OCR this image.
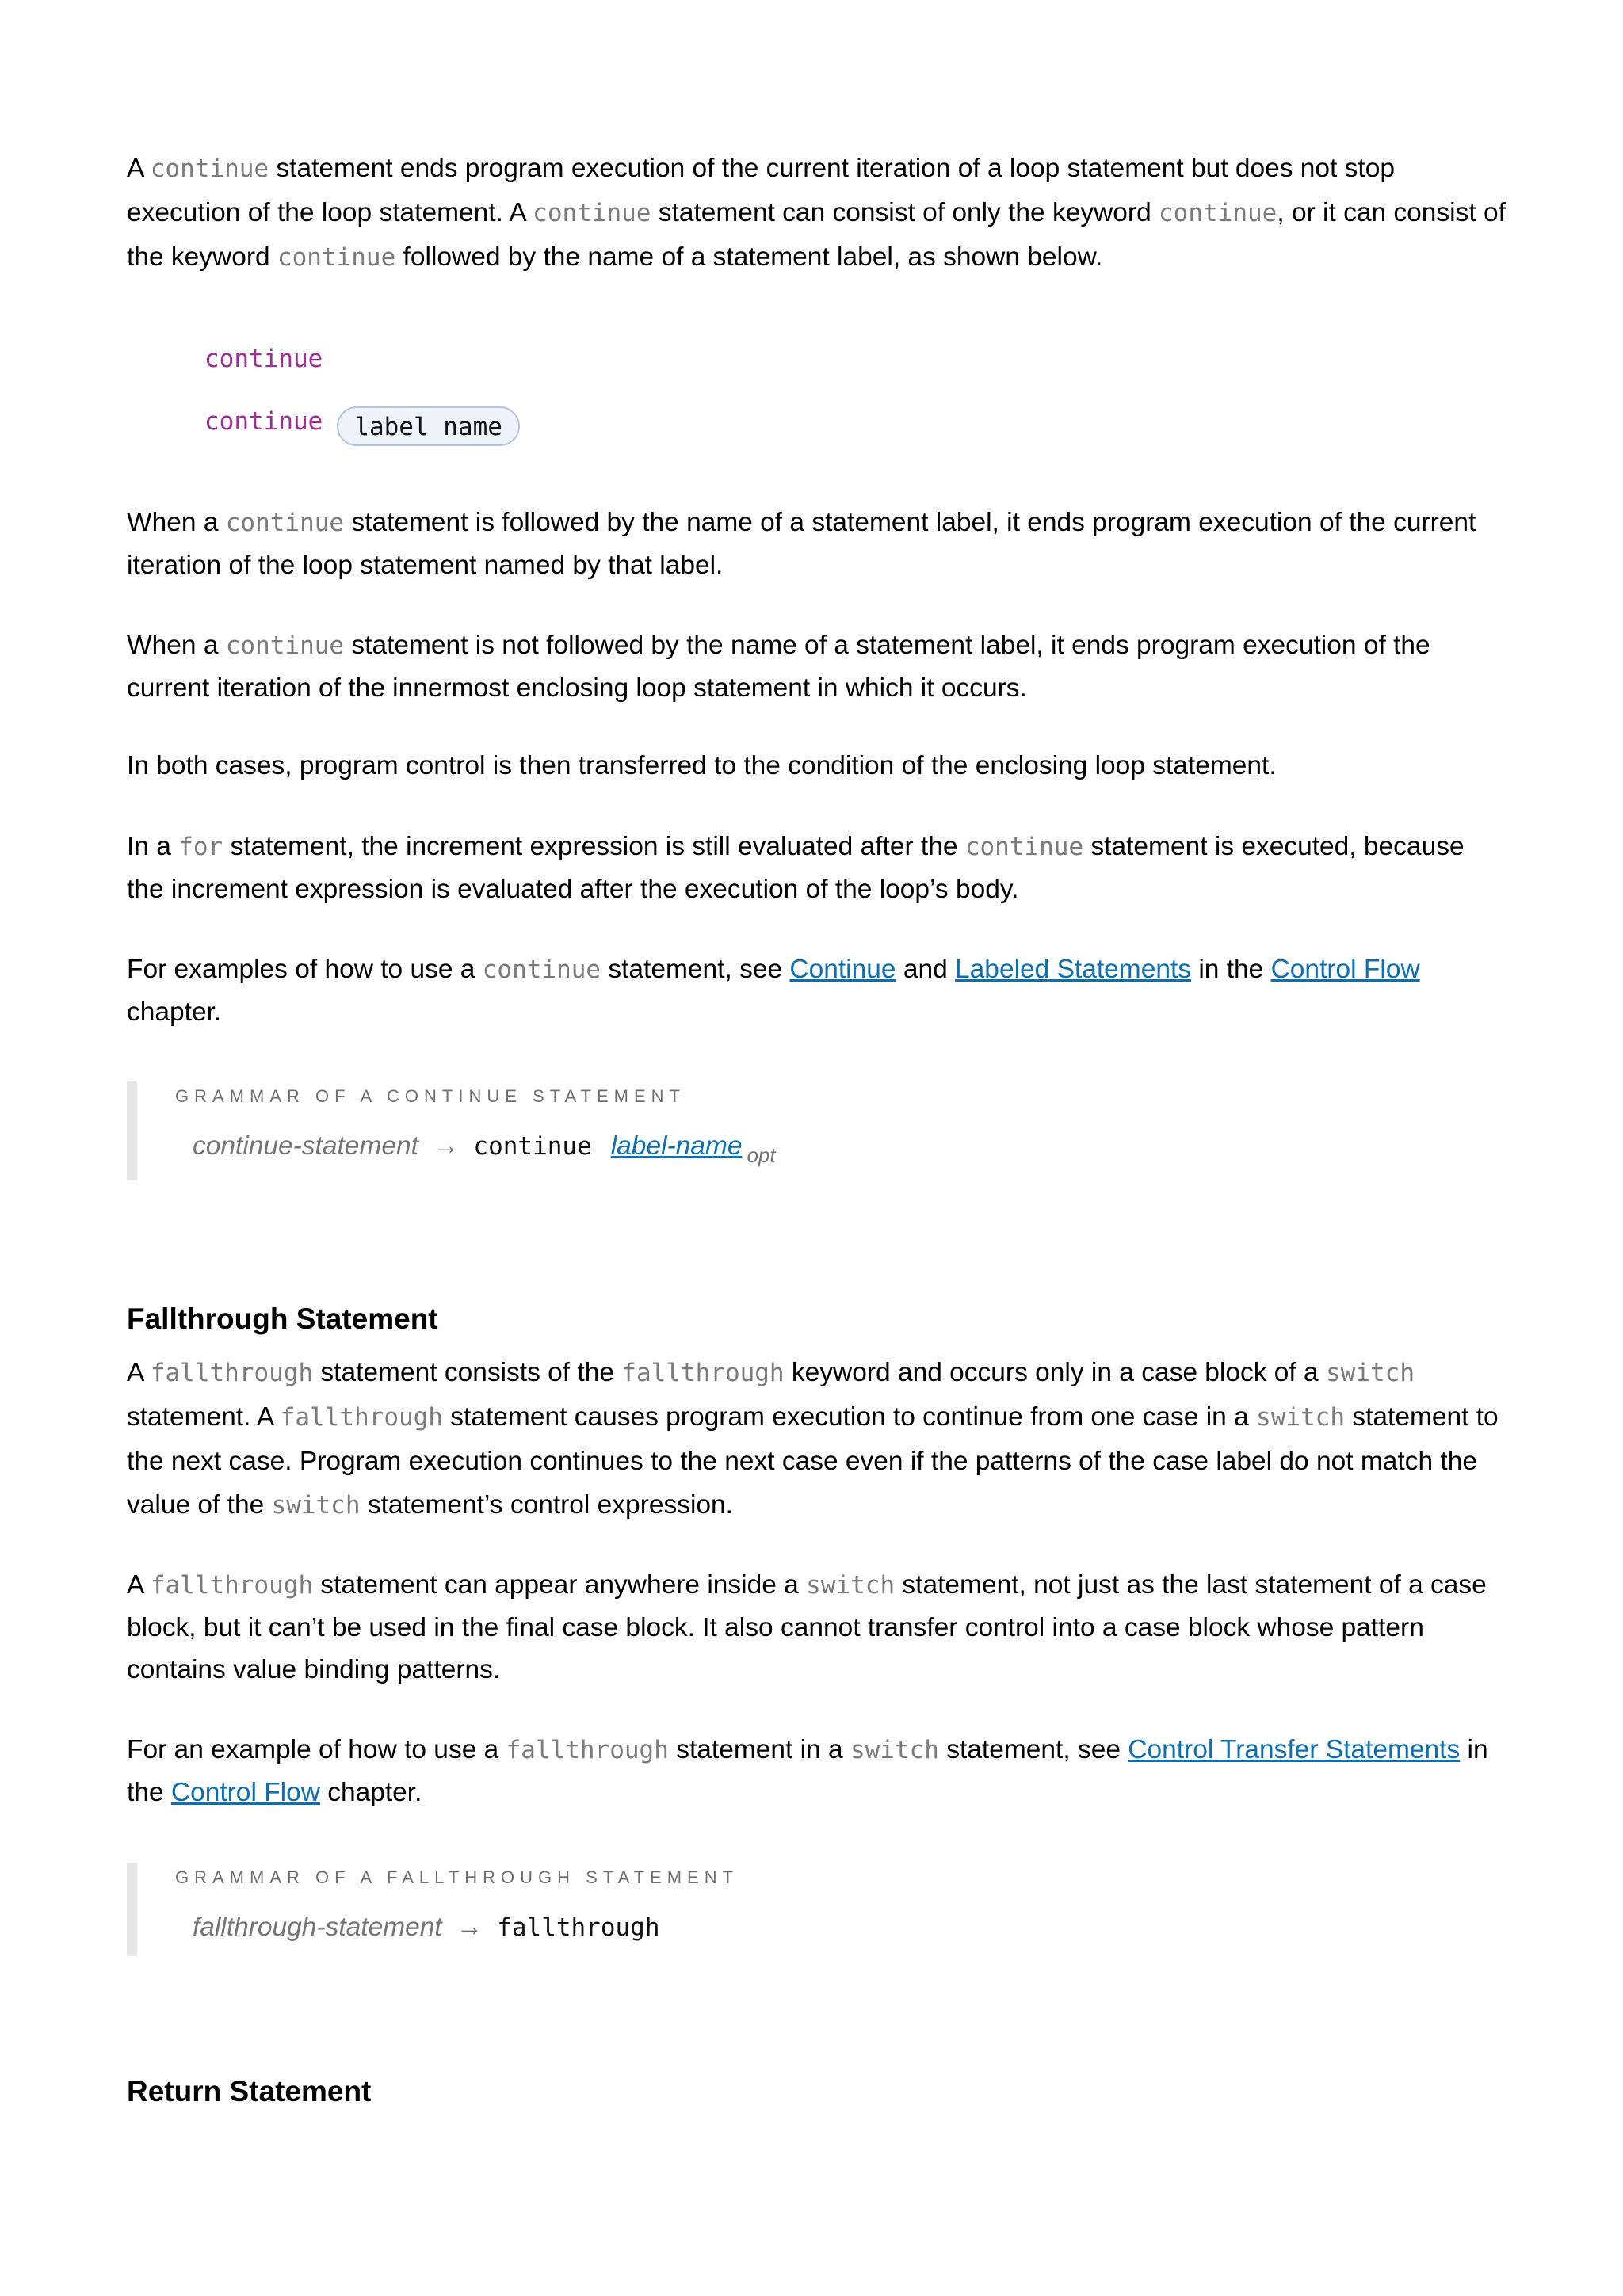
A continue statement ends program execution of the current iteration of a loop statement but does not stop execution of the loop statement. A continue statement can consist of only the keyword continue, or it can consist of the keyword continue followed by the name of a statement label, as shown below.

continue
continue label name

When a continue statement is followed by the name of a statement label, it ends program execution of the current iteration of the loop statement named by that label.

When a continue statement is not followed by the name of a statement label, it ends program execution of the current iteration of the innermost enclosing loop statement in which it occurs.

In both cases, program control is then transferred to the condition of the enclosing loop statement.

In a for statement, the increment expression is still evaluated after the continue statement is executed, because the increment expression is evaluated after the execution of the loop’s body.

For examples of how to use a continue statement, see Continue and Labeled Statements in the Control Flow chapter.

GRAMMAR OF A CONTINUE STATEMENT
continue-statement → continue label-name $_{opt}$
Fallthrough Statement

A fallthrough statement consists of the fallthrough keyword and occurs only in a case block of a switch statement. A fallthrough statement causes program execution to continue from one case in a switch statement to the next case. Program execution continues to the next case even if the patterns of the case label do not match the value of the switch statement’s control expression.

A fallthrough statement can appear anywhere inside a switch statement, not just as the last statement of a case block, but it can’t be used in the final case block. It also cannot transfer control into a case block whose pattern contains value binding patterns.

For an example of how to use a fallthrough statement in a switch statement, see Control Transfer Statements in the Control Flow chapter.

GRAMMAR OF A FALLTHROUGH STATEMENT
fallthrough-statement → fallthrough
Return Statement
